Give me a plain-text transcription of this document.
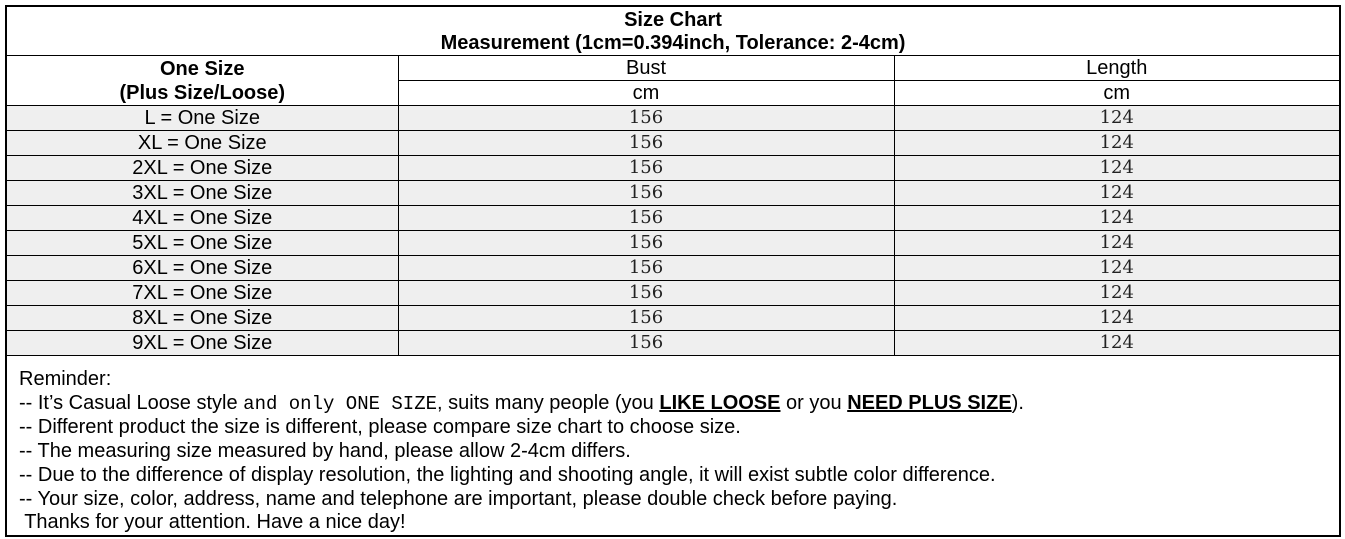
Size Chart
Measurement (1cm=0.394inch, Tolerance: 2-4cm)		

One Size
(Plus Size/Loose)	Bust	Length
	cm	cm
L = One Size	156	124
XL = One Size	156	124
2XL = One Size	156	124
3XL = One Size	156	124
4XL = One Size	156	124
5XL = One Size	156	124
6XL = One Size	156	124
7XL = One Size	156	124
8XL = One Size	156	124
9XL = One Size	156	124
Reminder:
-- It’s Casual Loose style and only ONE SIZE, suits many people (you LIKE LOOSE or you NEED PLUS SIZE).
-- Different product the size is different, please compare size chart to choose size.
-- The measuring size measured by hand, please allow 2-4cm differs.
-- Due to the difference of display resolution, the lighting and shooting angle, it will exist subtle color difference.
-- Your size, color, address, name and telephone are important, please double check before paying.
Thanks for your attention. Have a nice day!
